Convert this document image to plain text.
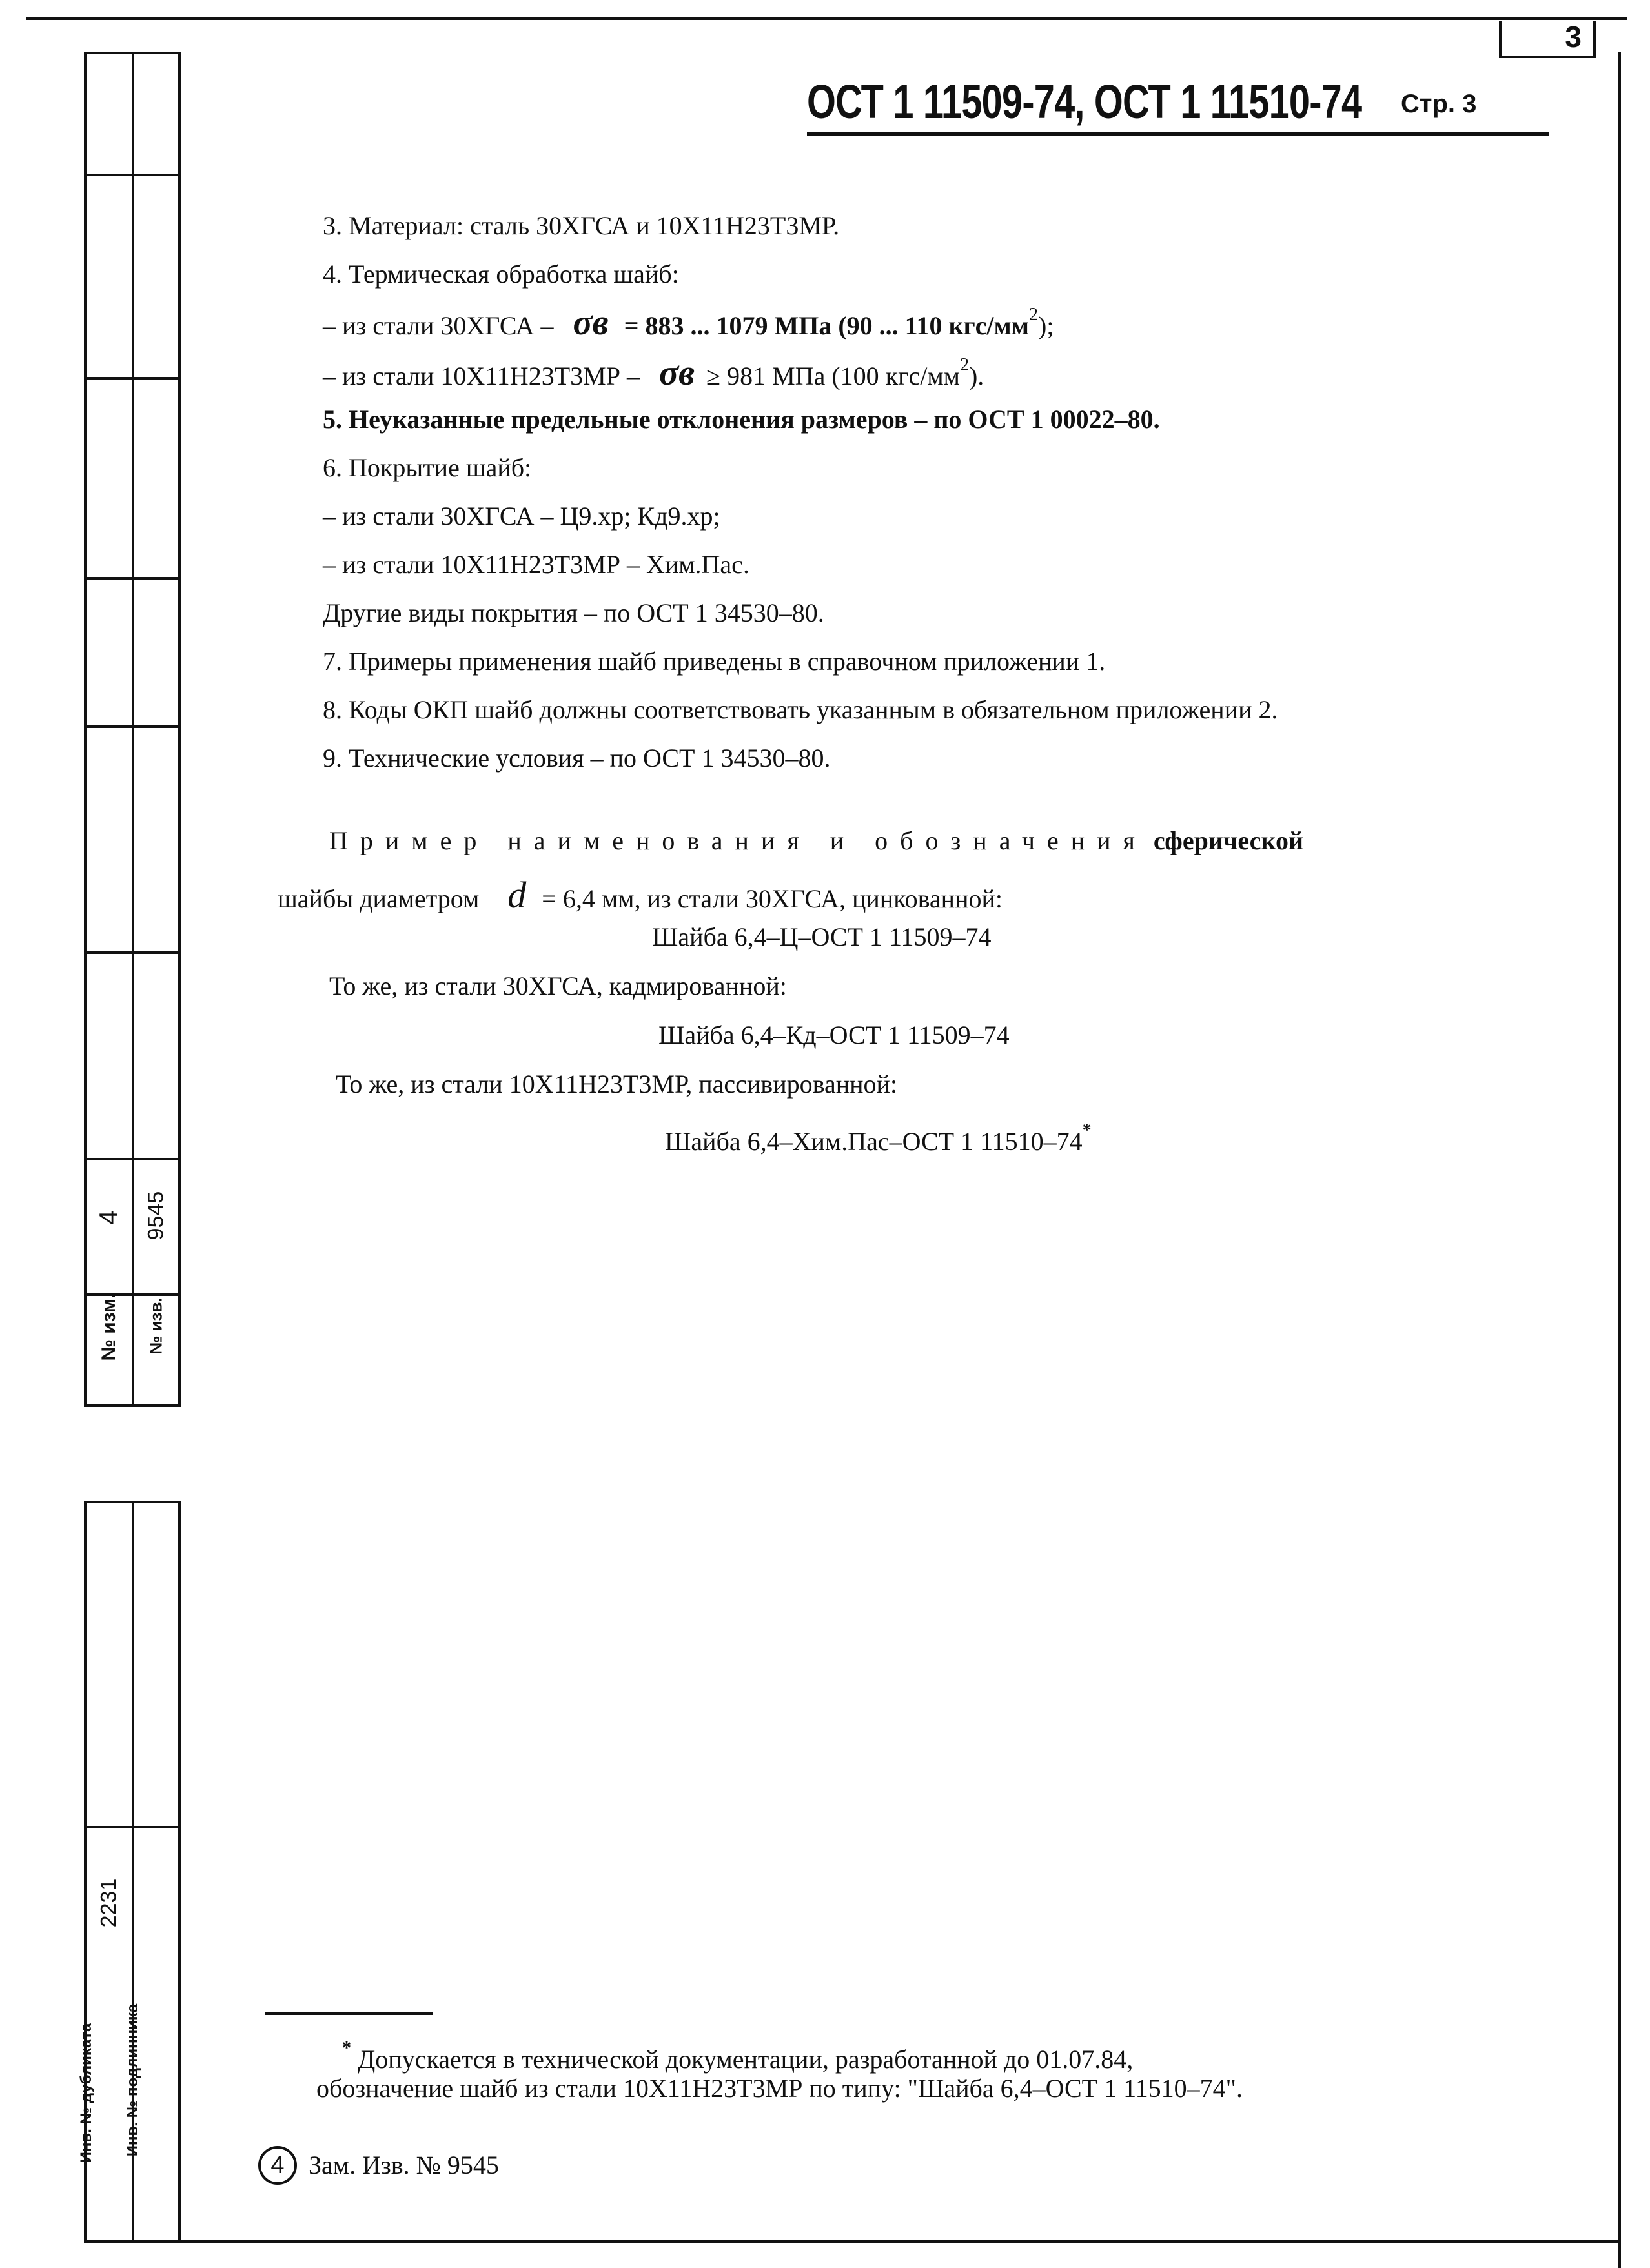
3
№ изм.
4
№ изв.
9545
2231
Инв. № дубликата Инв. № подлинника
ОСТ 1 11509-74, ОСТ 1 11510-74 Стр. 3
3. Материал: сталь 30ХГСА и 10Х11Н23Т3МР.
4. Термическая обработка шайб:
– из стали 30ХГСА – σв = 883 ... 1079 МПа (90 ... 110 кгс/$мм^2$);
– из стали 10Х11Н23Т3МР – σв ≥ 981 МПа (100 кгс/$мм^2$).
5. Неуказанные предельные отклонения размеров – по ОСТ 1 00022–80.
6. Покрытие шайб:
– из стали 30ХГСА – Ц9.хр; Кд9.хр;
– из стали 10Х11Н23Т3МР – Хим.Пас.
Другие виды покрытия – по ОСТ 1 34530–80.
7. Примеры применения шайб приведены в справочном приложении 1.
8. Коды ОКП шайб должны соответствовать указанным в обязательном приложении 2.
9. Технические условия – по ОСТ 1 34530–80.
Пример наименования и обозначения сферической
шайбы диаметром d = 6,4 мм, из стали 30ХГСА, цинкованной:
Шайба 6,4–Ц–ОСТ 1 11509–74
То же, из стали 30ХГСА, кадмированной:
Шайба 6,4–Кд–ОСТ 1 11509–74
То же, из стали 10Х11Н23Т3МР, пассивированной:
Шайба 6,4–Хим.Пас–ОСТ 1 11510–74*
* Допускается в технической документации, разработанной до 01.07.84,
обозначение шайб из стали 10Х11Н23Т3МР по типу: "Шайба 6,4–ОСТ 1 11510–74".
4 Зам. Изв. № 9545
